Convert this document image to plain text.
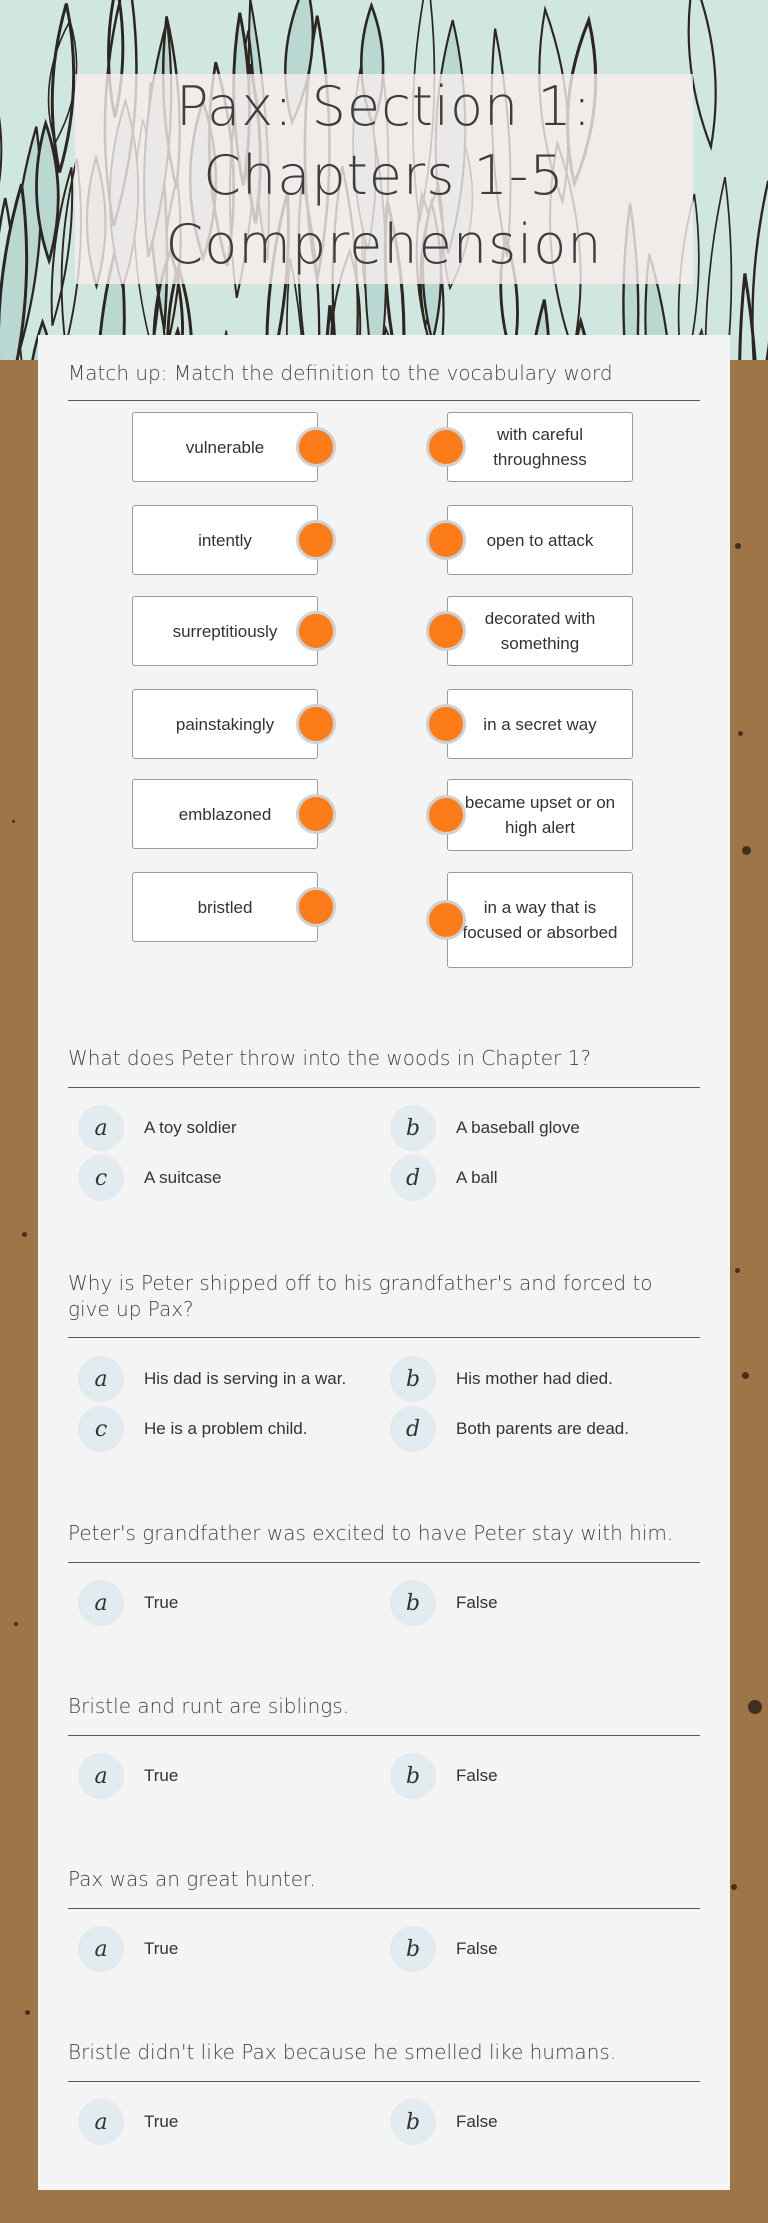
Pax: Section 1: Chapters 1-5 Comprehension
Match up: Match the definition to the vocabulary word
vulnerable
intently
surreptitiously
painstakingly
emblazoned
bristled
with careful throughness
open to attack
decorated with something
in a secret way
became upset or on high alert
in a way that is focused or absorbed
What does Peter throw into the woods in Chapter 1?
a	A toy soldier	b	A baseball glove
c	A suitcase	d	A ball
Why is Peter shipped off to his grandfather's and forced to give up Pax?
a	His dad is serving in a war.	b	His mother had died.
c	He is a problem child.	d	Both parents are dead.
Peter's grandfather was excited to have Peter stay with him.
a	True	b	False
Bristle and runt are siblings.
a	True	b	False
Pax was an great hunter.
a	True	b	False
Bristle didn't like Pax because he smelled like humans.
a	True	b	False
